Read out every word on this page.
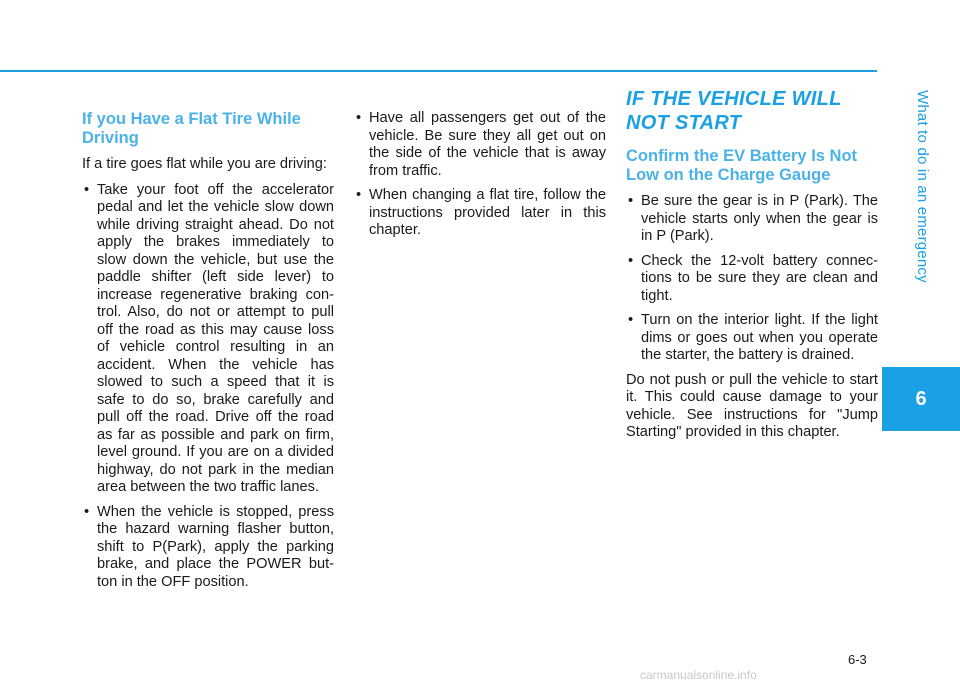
What to do in an emergency
6
If you Have a Flat Tire While Driving

If a tire goes flat while you are driving:

• Take your foot off the accelerator pedal and let the vehicle slow down while driving straight ahead. Do not apply the brakes immediately to slow down the vehicle, but use the paddle shifter (left side lever) to increase regenerative braking con-trol. Also, do not or attempt to pull off the road as this may cause loss of vehicle control resulting in an accident. When the vehicle has slowed to such a speed that it is safe to do so, brake carefully and pull off the road. Drive off the road as far as possible and park on firm, level ground. If you are on a divided highway, do not park in the median area between the two traffic lanes.
• When the vehicle is stopped, press the hazard warning flasher button, shift to P(Park), apply the parking brake, and place the POWER but-ton in the OFF position.
• Have all passengers get out of the vehicle. Be sure they all get out on the side of the vehicle that is away from traffic.
• When changing a flat tire, follow the instructions provided later in this chapter.
IF THE VEHICLE WILL NOT START
Confirm the EV Battery Is Not Low on the Charge Gauge
• Be sure the gear is in P (Park). The vehicle starts only when the gear is in P (Park).
• Check the 12-volt battery connec-tions to be sure they are clean and tight.
• Turn on the interior light. If the light dims or goes out when you operate the starter, the battery is drained.

Do not push or pull the vehicle to start it. This could cause damage to your vehicle. See instructions for "Jump Starting" provided in this chapter.

6-3
carmanualsonline.info
